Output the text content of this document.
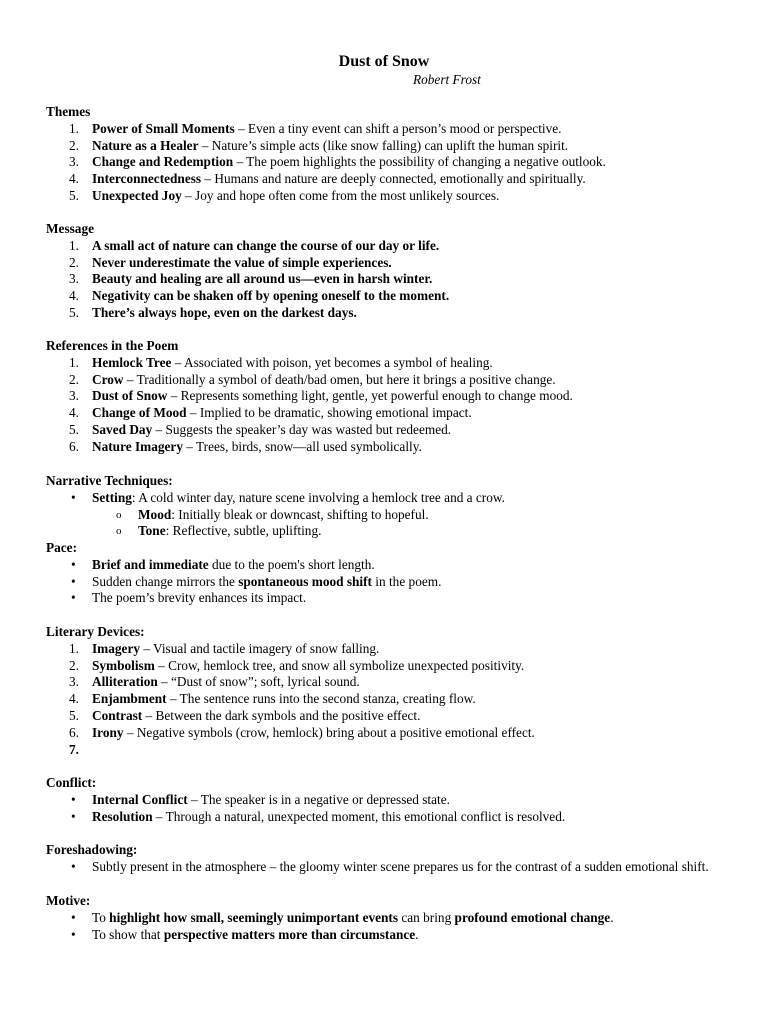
Dust of Snow

Robert Frost

Themes

1. Power of Small Moments – Even a tiny event can shift a person’s mood or perspective.
2. Nature as a Healer – Nature’s simple acts (like snow falling) can uplift the human spirit.
3. Change and Redemption – The poem highlights the possibility of changing a negative outlook.
4. Interconnectedness – Humans and nature are deeply connected, emotionally and spiritually.
5. Unexpected Joy – Joy and hope often come from the most unlikely sources.

Message

1. A small act of nature can change the course of our day or life.
2. Never underestimate the value of simple experiences.
3. Beauty and healing are all around us—even in harsh winter.
4. Negativity can be shaken off by opening oneself to the moment.
5. There’s always hope, even on the darkest days.

References in the Poem

1. Hemlock Tree – Associated with poison, yet becomes a symbol of healing.
2. Crow – Traditionally a symbol of death/bad omen, but here it brings a positive change.
3. Dust of Snow – Represents something light, gentle, yet powerful enough to change mood.
4. Change of Mood – Implied to be dramatic, showing emotional impact.
5. Saved Day – Suggests the speaker’s day was wasted but redeemed.
6. Nature Imagery – Trees, birds, snow—all used symbolically.

Narrative Techniques:

•	Setting: A cold winter day, nature scene involving a hemlock tree and a crow.
o	Mood: Initially bleak or downcast, shifting to hopeful.
o	Tone: Reflective, subtle, uplifting.

Pace:

•	Brief and immediate due to the poem's short length.
•	Sudden change mirrors the spontaneous mood shift in the poem.
•	The poem’s brevity enhances its impact.

Literary Devices:

1. Imagery – Visual and tactile imagery of snow falling.
2. Symbolism – Crow, hemlock tree, and snow all symbolize unexpected positivity.
3. Alliteration – “Dust of snow”; soft, lyrical sound.
4. Enjambment – The sentence runs into the second stanza, creating flow.
5. Contrast – Between the dark symbols and the positive effect.
6. Irony – Negative symbols (crow, hemlock) bring about a positive emotional effect.
7.

Conflict:

•	Internal Conflict – The speaker is in a negative or depressed state.
•	Resolution – Through a natural, unexpected moment, this emotional conflict is resolved.

Foreshadowing:

•	Subtly present in the atmosphere – the gloomy winter scene prepares us for the contrast of a sudden emotional shift.

Motive:

•	To highlight how small, seemingly unimportant events can bring profound emotional change.
•	To show that perspective matters more than circumstance.
